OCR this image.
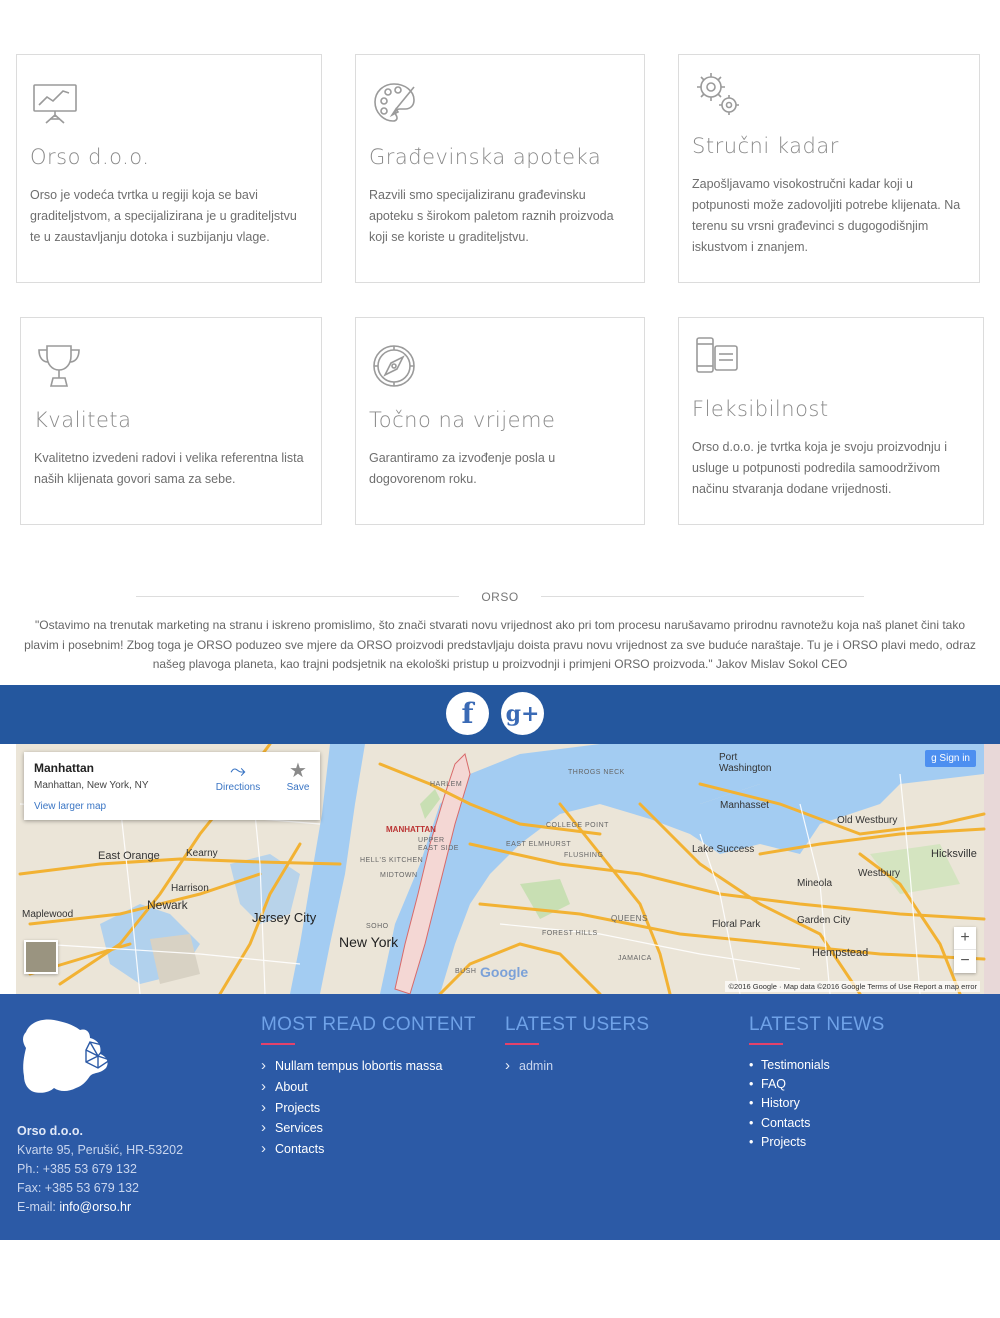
Orso d.o.o.

Orso je vodeća tvrtka u regiji koja se bavi graditeljstvom, a specijalizirana je u graditeljstvu te u zaustavljanju dotoka i suzbijanju vlage.

Građevinska apoteka

Razvili smo specijaliziranu građevinsku apoteku s širokom paletom raznih proizvoda koji se koriste u graditeljstvu.

Stručni kadar

Zapošljavamo visokostručni kadar koji u potpunosti može zadovoljiti potrebe klijenata. Na terenu su vrsni građevinci s dugogodišnjim iskustvom i znanjem.

Kvaliteta

Kvalitetno izvedeni radovi i velika referentna lista naših klijenata govori sama za sebe.

Točno na vrijeme

Garantiramo za izvođenje posla u dogovorenom roku.

Fleksibilnost

Orso d.o.o. je tvrtka koja je svoju proizvodnju i usluge u potpunosti podredila samoodrživom načinu stvaranja dodane vrijednosti.

ORSO
"Ostavimo na trenutak marketing na stranu i iskreno promislimo, što znači stvarati novu vrijednost ako pri tom procesu narušavamo prirodnu ravnotežu koja naš planet čini tako plavim i posebnim! Zbog toga je ORSO poduzeo sve mjere da ORSO proizvodi predstavljaju doista pravu novu vrijednost za sve buduće naraštaje. Tu je i ORSO plavi medo, odraz našeg plavoga planeta, kao trajni podsjetnik na ekološki pristup u proizvodnji i primjeni ORSO proizvoda." Jakov Mislav Sokol CEO
f g+
New York
Jersey City
Newark
East Orange	Kearny
Harrison
Maplewood
Port
Washington
Manhasset
Old Westbury
Hicksville
Lake Success
Mineola
Westbury
Garden City
Floral Park
Hempstead
QUEENS
MANHATTAN
HARLEM
UPPER
EAST SIDE
HELL'S KITCHEN
MIDTOWN
SOHO
COLLEGE POINT
EAST ELMHURST
FLUSHING
FOREST HILLS
JAMAICA
THROGS NECK
BUSH
Manhattan
Manhattan, New York, NY
View larger map
⤳
Directions
★
Save
g Sign in
+
−
Google
©2016 Google · Map data ©2016 Google Terms of Use Report a map error
Orso d.o.o.
Kvarte 95, Perušić, HR-53202
Ph.: +385 53 679 132
Fax: +385 53 679 132
E-mail: info@orso.hr
MOST READ CONTENT
› Nullam tempus lobortis massa
› About
› Projects
› Services
› Contacts
LATEST USERS
› admin
LATEST NEWS
• Testimonials
• FAQ
• History
• Contacts
• Projects
